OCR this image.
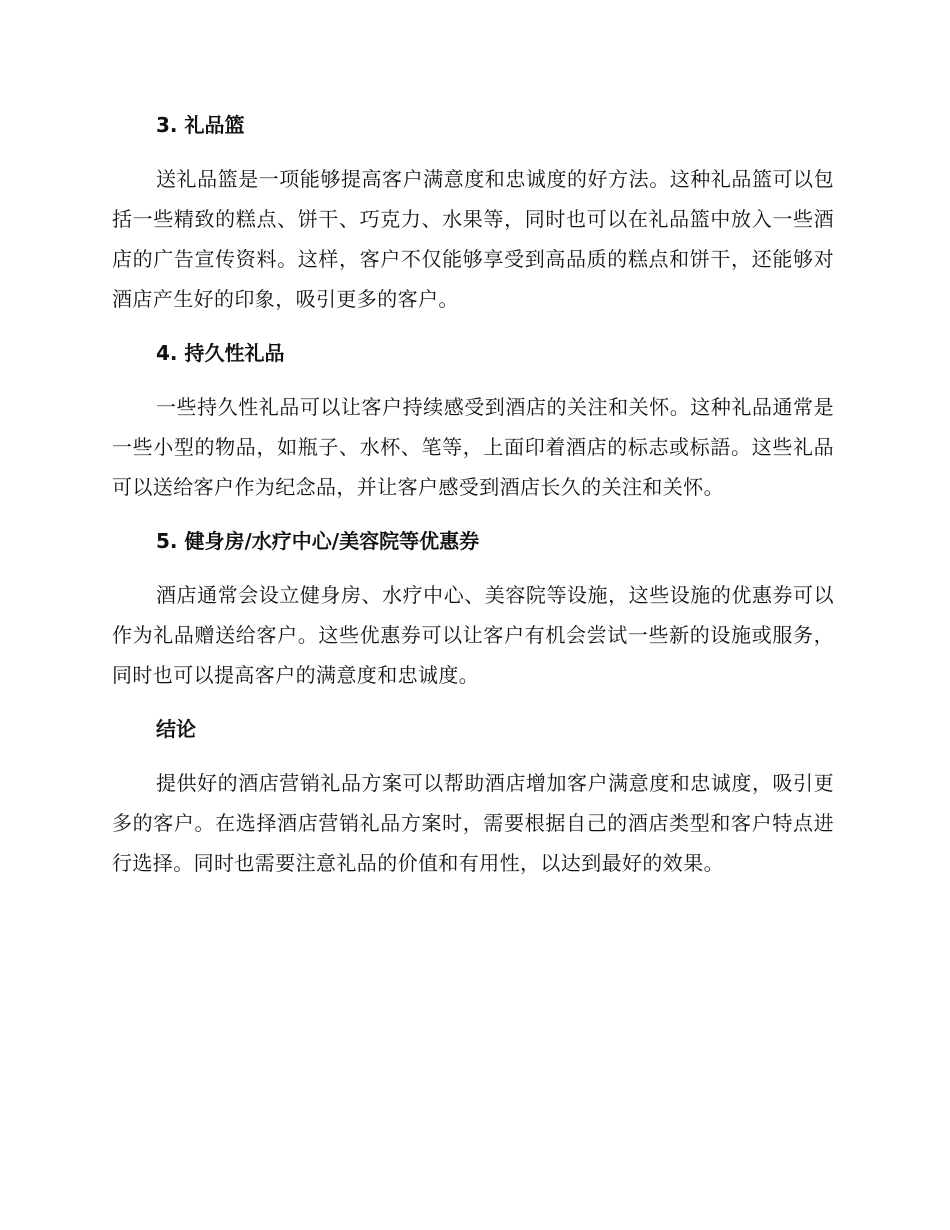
3. 礼品篮

送礼品篮是一项能够提高客户满意度和忠诚度的好方法。这种礼品篮可以包括一些精致的糕点、饼干、巧克力、水果等，同时也可以在礼品篮中放入一些酒店的广告宣传资料。这样，客户不仅能够享受到高品质的糕点和饼干，还能够对酒店产生好的印象，吸引更多的客户。

4. 持久性礼品

一些持久性礼品可以让客户持续感受到酒店的关注和关怀。这种礼品通常是一些小型的物品，如瓶子、水杯、笔等，上面印着酒店的标志或标語。这些礼品可以送给客户作为纪念品，并让客户感受到酒店长久的关注和关怀。

5. 健身房/水疗中心/美容院等优惠券

酒店通常会设立健身房、水疗中心、美容院等设施，这些设施的优惠券可以作为礼品赠送给客户。这些优惠券可以让客户有机会尝试一些新的设施或服务，同时也可以提高客户的满意度和忠诚度。

结论

提供好的酒店营销礼品方案可以帮助酒店增加客户满意度和忠诚度，吸引更多的客户。在选择酒店营销礼品方案时，需要根据自己的酒店类型和客户特点进行选择。同时也需要注意礼品的价值和有用性，以达到最好的效果。
